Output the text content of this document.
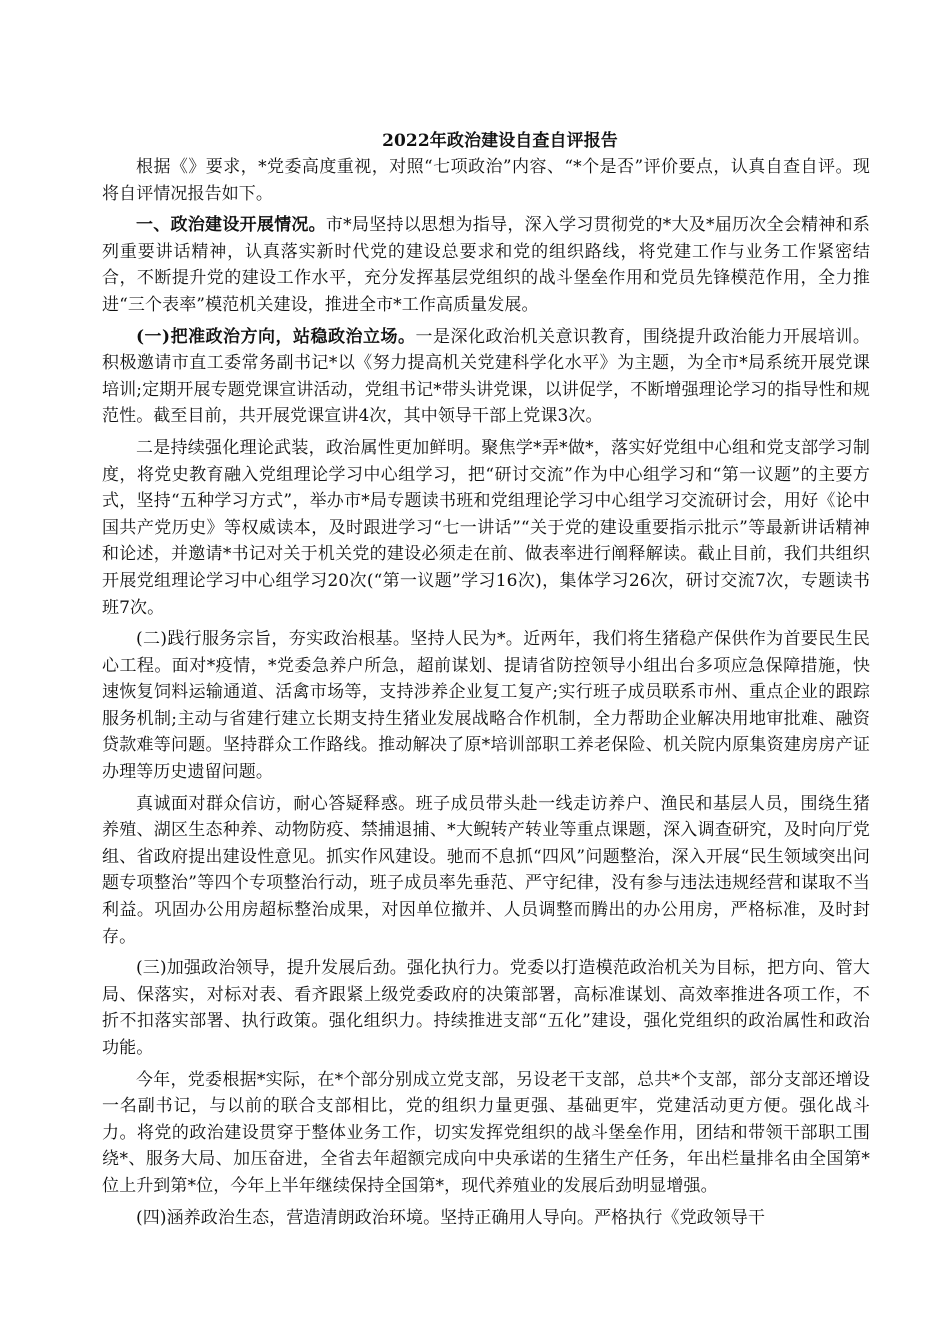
2022年政治建设自查自评报告

根据《》要求，*党委高度重视，对照“七项政治”内容、“*个是否”评价要点，认真自查自评。现将自评情况报告如下。

一、政治建设开展情况。市*局坚持以思想为指导，深入学习贯彻党的*大及*届历次全会精神和系列重要讲话精神，认真落实新时代党的建设总要求和党的组织路线，将党建工作与业务工作紧密结合，不断提升党的建设工作水平，充分发挥基层党组织的战斗堡垒作用和党员先锋模范作用，全力推进“三个表率”模范机关建设，推进全市*工作高质量发展。

(一)把准政治方向，站稳政治立场。一是深化政治机关意识教育，围绕提升政治能力开展培训。积极邀请市直工委常务副书记*以《努力提高机关党建科学化水平》为主题，为全市*局系统开展党课培训;定期开展专题党课宣讲活动，党组书记*带头讲党课，以讲促学，不断增强理论学习的指导性和规范性。截至目前，共开展党课宣讲4次，其中领导干部上党课3次。

二是持续强化理论武装，政治属性更加鲜明。聚焦学*弄*做*，落实好党组中心组和党支部学习制度，将党史教育融入党组理论学习中心组学习，把“研讨交流”作为中心组学习和“第一议题”的主要方式，坚持“五种学习方式”，举办市*局专题读书班和党组理论学习中心组学习交流研讨会，用好《论中国共产党历史》等权威读本，及时跟进学习“七一讲话”“关于党的建设重要指示批示”等最新讲话精神和论述，并邀请*书记对关于机关党的建设必须走在前、做表率进行阐释解读。截止目前，我们共组织开展党组理论学习中心组学习20次(“第一议题”学习16次)，集体学习26次，研讨交流7次，专题读书班7次。

(二)践行服务宗旨，夯实政治根基。坚持人民为*。近两年，我们将生猪稳产保供作为首要民生民心工程。面对*疫情，*党委急养户所急，超前谋划、提请省防控领导小组出台多项应急保障措施，快速恢复饲料运输通道、活禽市场等，支持涉养企业复工复产;实行班子成员联系市州、重点企业的跟踪服务机制;主动与省建行建立长期支持生猪业发展战略合作机制，全力帮助企业解决用地审批难、融资贷款难等问题。坚持群众工作路线。推动解决了原*培训部职工养老保险、机关院内原集资建房房产证办理等历史遗留问题。

真诚面对群众信访，耐心答疑释惑。班子成员带头赴一线走访养户、渔民和基层人员，围绕生猪养殖、湖区生态种养、动物防疫、禁捕退捕、*大鲵转产转业等重点课题，深入调查研究，及时向厅党组、省政府提出建设性意见。抓实作风建设。驰而不息抓“四风”问题整治，深入开展“民生领域突出问题专项整治”等四个专项整治行动，班子成员率先垂范、严守纪律，没有参与违法违规经营和谋取不当利益。巩固办公用房超标整治成果，对因单位撤并、人员调整而腾出的办公用房，严格标准，及时封存。

(三)加强政治领导，提升发展后劲。强化执行力。党委以打造模范政治机关为目标，把方向、管大局、保落实，对标对表、看齐跟紧上级党委政府的决策部署，高标准谋划、高效率推进各项工作，不折不扣落实部署、执行政策。强化组织力。持续推进支部“五化”建设，强化党组织的政治属性和政治功能。

今年，党委根据*实际，在*个部分别成立党支部，另设老干支部，总共*个支部，部分支部还增设一名副书记，与以前的联合支部相比，党的组织力量更强、基础更牢，党建活动更方便。强化战斗力。将党的政治建设贯穿于整体业务工作，切实发挥党组织的战斗堡垒作用，团结和带领干部职工围绕*、服务大局、加压奋进，全省去年超额完成向中央承诺的生猪生产任务，年出栏量排名由全国第*位上升到第*位，今年上半年继续保持全国第*，现代养殖业的发展后劲明显增强。

(四)涵养政治生态，营造清朗政治环境。坚持正确用人导向。严格执行《党政领导干
